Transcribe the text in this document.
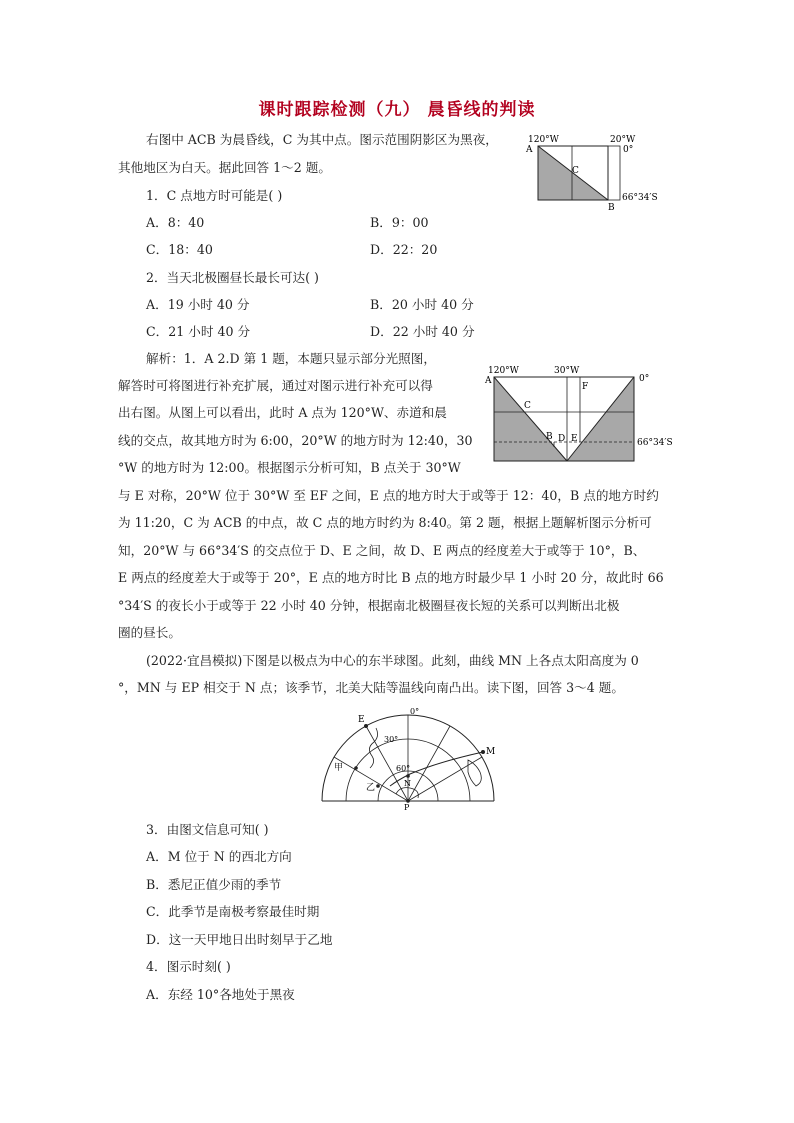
课时跟踪检测（九） 晨昏线的判读
右图中 ACB 为晨昏线，C 为其中点。图示范围阴影区为黑夜，
其他地区为白天。据此回答 1～2 题。
1．C 点地方时可能是( )
A．8：40	B．9：00
C．18：40	D．22：20
2．当天北极圈昼长最长可达( )
A．19 小时 40 分	B．20 小时 40 分
C．21 小时 40 分	D．22 小时 40 分
解析：1．A 2.D 第 1 题，本题只显示部分光照图，
解答时可将图进行补充扩展，通过对图示进行补充可以得
出右图。从图上可以看出，此时 A 点为 120°W、赤道和晨
线的交点，故其地方时为 6:00，20°W 的地方时为 12:40，30
°W 的地方时为 12:00。根据图示分析可知，B 点关于 30°W
与 E 对称，20°W 位于 30°W 至 EF 之间，E 点的地方时大于或等于 12：40，B 点的地方时约
为 11:20，C 为 ACB 的中点，故 C 点的地方时约为 8:40。第 2 题，根据上题解析图示分析可
知，20°W 与 66°34′S 的交点位于 D、E 之间，故 D、E 两点的经度差大于或等于 10°，B、
E 两点的经度差大于或等于 20°，E 点的地方时比 B 点的地方时最少早 1 小时 20 分，故此时 66
°34′S 的夜长小于或等于 22 小时 40 分钟，根据南北极圈昼夜长短的关系可以判断出北极
圈的昼长。
(2022·宜昌模拟)下图是以极点为中心的东半球图。此刻，曲线 MN 上各点太阳高度为 0
°，MN 与 EP 相交于 N 点；该季节，北美大陆等温线向南凸出。读下图，回答 3～4 题。
3．由图文信息可知( )
A．M 位于 N 的西北方向
B．悉尼正值少雨的季节
C．此季节是南极考察最佳时期
D．这一天甲地日出时刻早于乙地
4．图示时刻( )
A．东经 10°各地处于黑夜
120°W	20°W
0°
66°34′S
A
B
C
120°W	30°W
0°
66°34′S
A
C
B D E
F
E
0°
30°
60°
M
N
P
甲
乙
